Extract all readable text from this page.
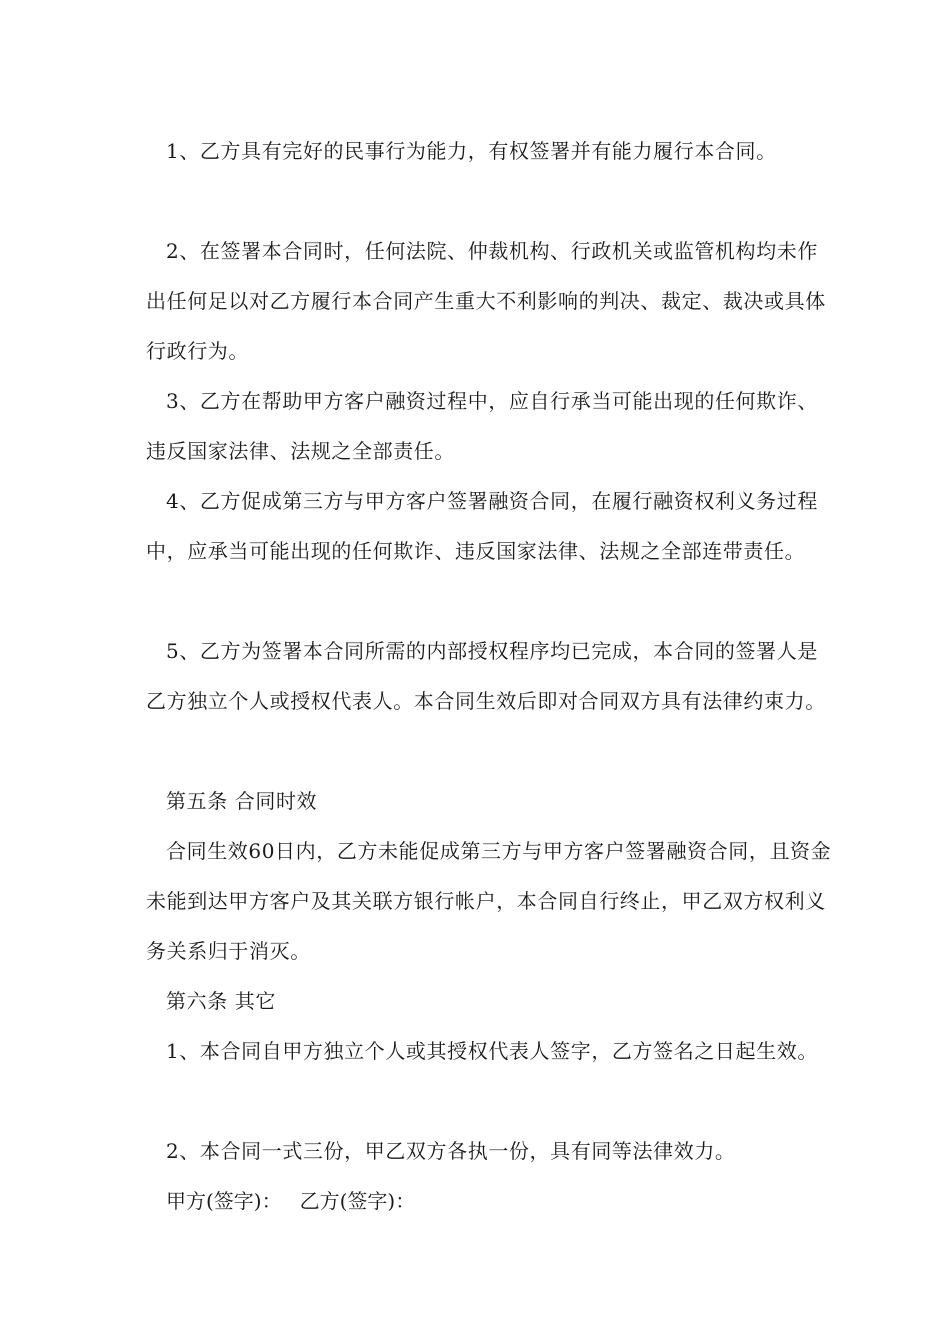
1、乙方具有完好的民事行为能力，有权签署并有能力履行本合同。

2、在签署本合同时，任何法院、仲裁机构、行政机关或监管机构均未作出任何足以对乙方履行本合同产生重大不利影响的判决、裁定、裁决或具体行政行为。

3、乙方在帮助甲方客户融资过程中，应自行承当可能出现的任何欺诈、违反国家法律、法规之全部责任。

4、乙方促成第三方与甲方客户签署融资合同，在履行融资权利义务过程中，应承当可能出现的任何欺诈、违反国家法律、法规之全部连带责任。

5、乙方为签署本合同所需的内部授权程序均已完成，本合同的签署人是乙方独立个人或授权代表人。本合同生效后即对合同双方具有法律约束力。

第五条 合同时效

合同生效60日内，乙方未能促成第三方与甲方客户签署融资合同，且资金未能到达甲方客户及其关联方银行帐户，本合同自行终止，甲乙双方权利义务关系归于消灭。

第六条 其它

1、本合同自甲方独立个人或其授权代表人签字，乙方签名之日起生效。

2、本合同一式三份，甲乙双方各执一份，具有同等法律效力。

甲方(签字)： 乙方(签字)：
